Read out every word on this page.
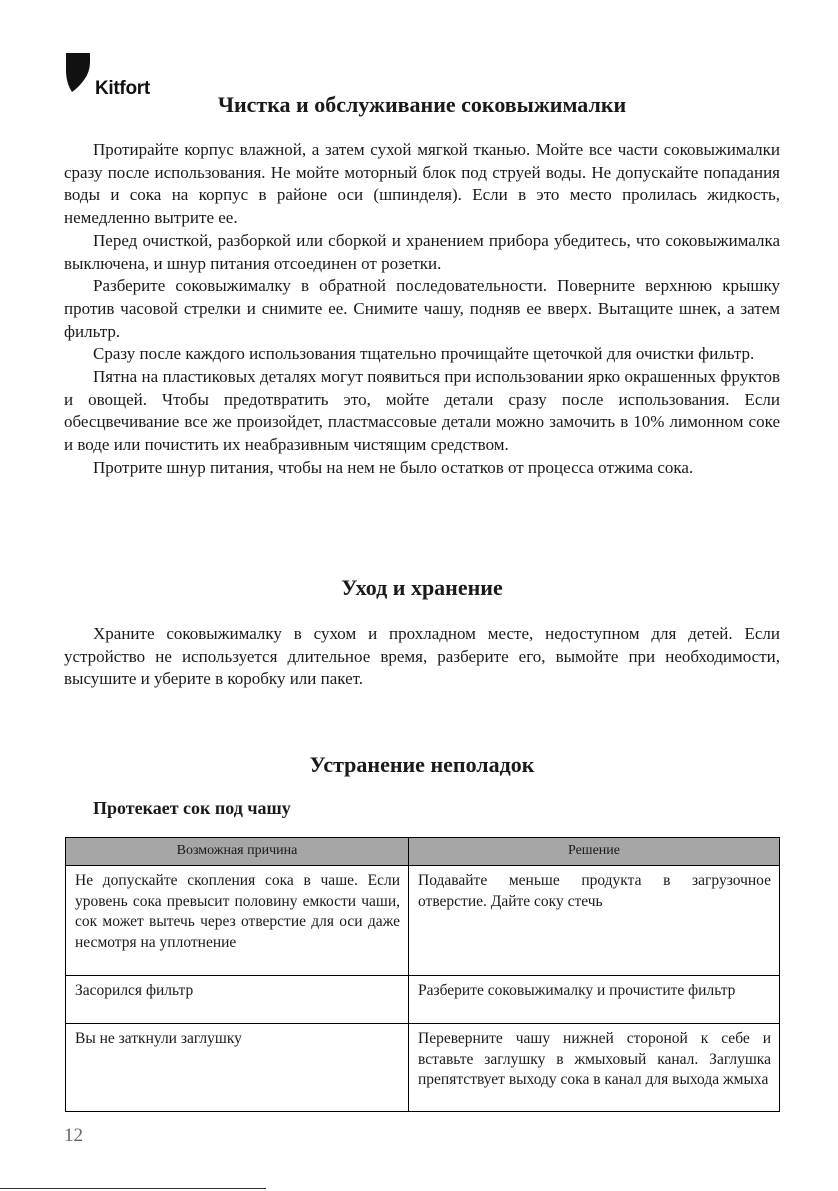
Kitfort
Чистка и обслуживание соковыжималки

Протирайте корпус влажной, а затем сухой мягкой тканью. Мойте все части соковыжималки сразу после использования. Не мойте моторный блок под струей воды. Не допускайте попадания воды и сока на корпус в районе оси (шпинделя). Если в это место пролилась жидкость, немедленно вытрите ее.

Перед очисткой, разборкой или сборкой и хранением прибора убедитесь, что соковыжималка выключена, и шнур питания отсоединен от розетки.

Разберите соковыжималку в обратной последовательности. Поверните верхнюю крышку против часовой стрелки и снимите ее. Снимите чашу, подняв ее вверх. Вытащите шнек, а затем фильтр.

Сразу после каждого использования тщательно прочищайте щеточкой для очистки фильтр.

Пятна на пластиковых деталях могут появиться при использовании ярко окрашенных фруктов и овощей. Чтобы предотвратить это, мойте детали сразу после использования. Если обесцвечивание все же произойдет, пластмассовые детали можно замочить в 10% лимонном соке и воде или почистить их неабразивным чистящим средством.

Протрите шнур питания, чтобы на нем не было остатков от процесса отжима сока.

Уход и хранение

Храните соковыжималку в сухом и прохладном месте, недоступном для детей. Если устройство не используется длительное время, разберите его, вымойте при необходимости, высушите и уберите в коробку или пакет.

Устранение неполадок
Протекает сок под чашу
Возможная причина	Решение
Не допускайте скопления сока в чаше. Если уровень сока превысит половину емкости чаши, сок может вытечь через отверстие для оси даже несмотря на уплотнение	Подавайте меньше продукта в загрузочное отверстие. Дайте соку стечь
Засорился фильтр	Разберите соковыжималку и прочистите фильтр
Вы не заткнули заглушку	Переверните чашу нижней стороной к себе и вставьте заглушку в жмыховый канал. Заглушка препятствует выходу сока в канал для выхода жмыха
12
